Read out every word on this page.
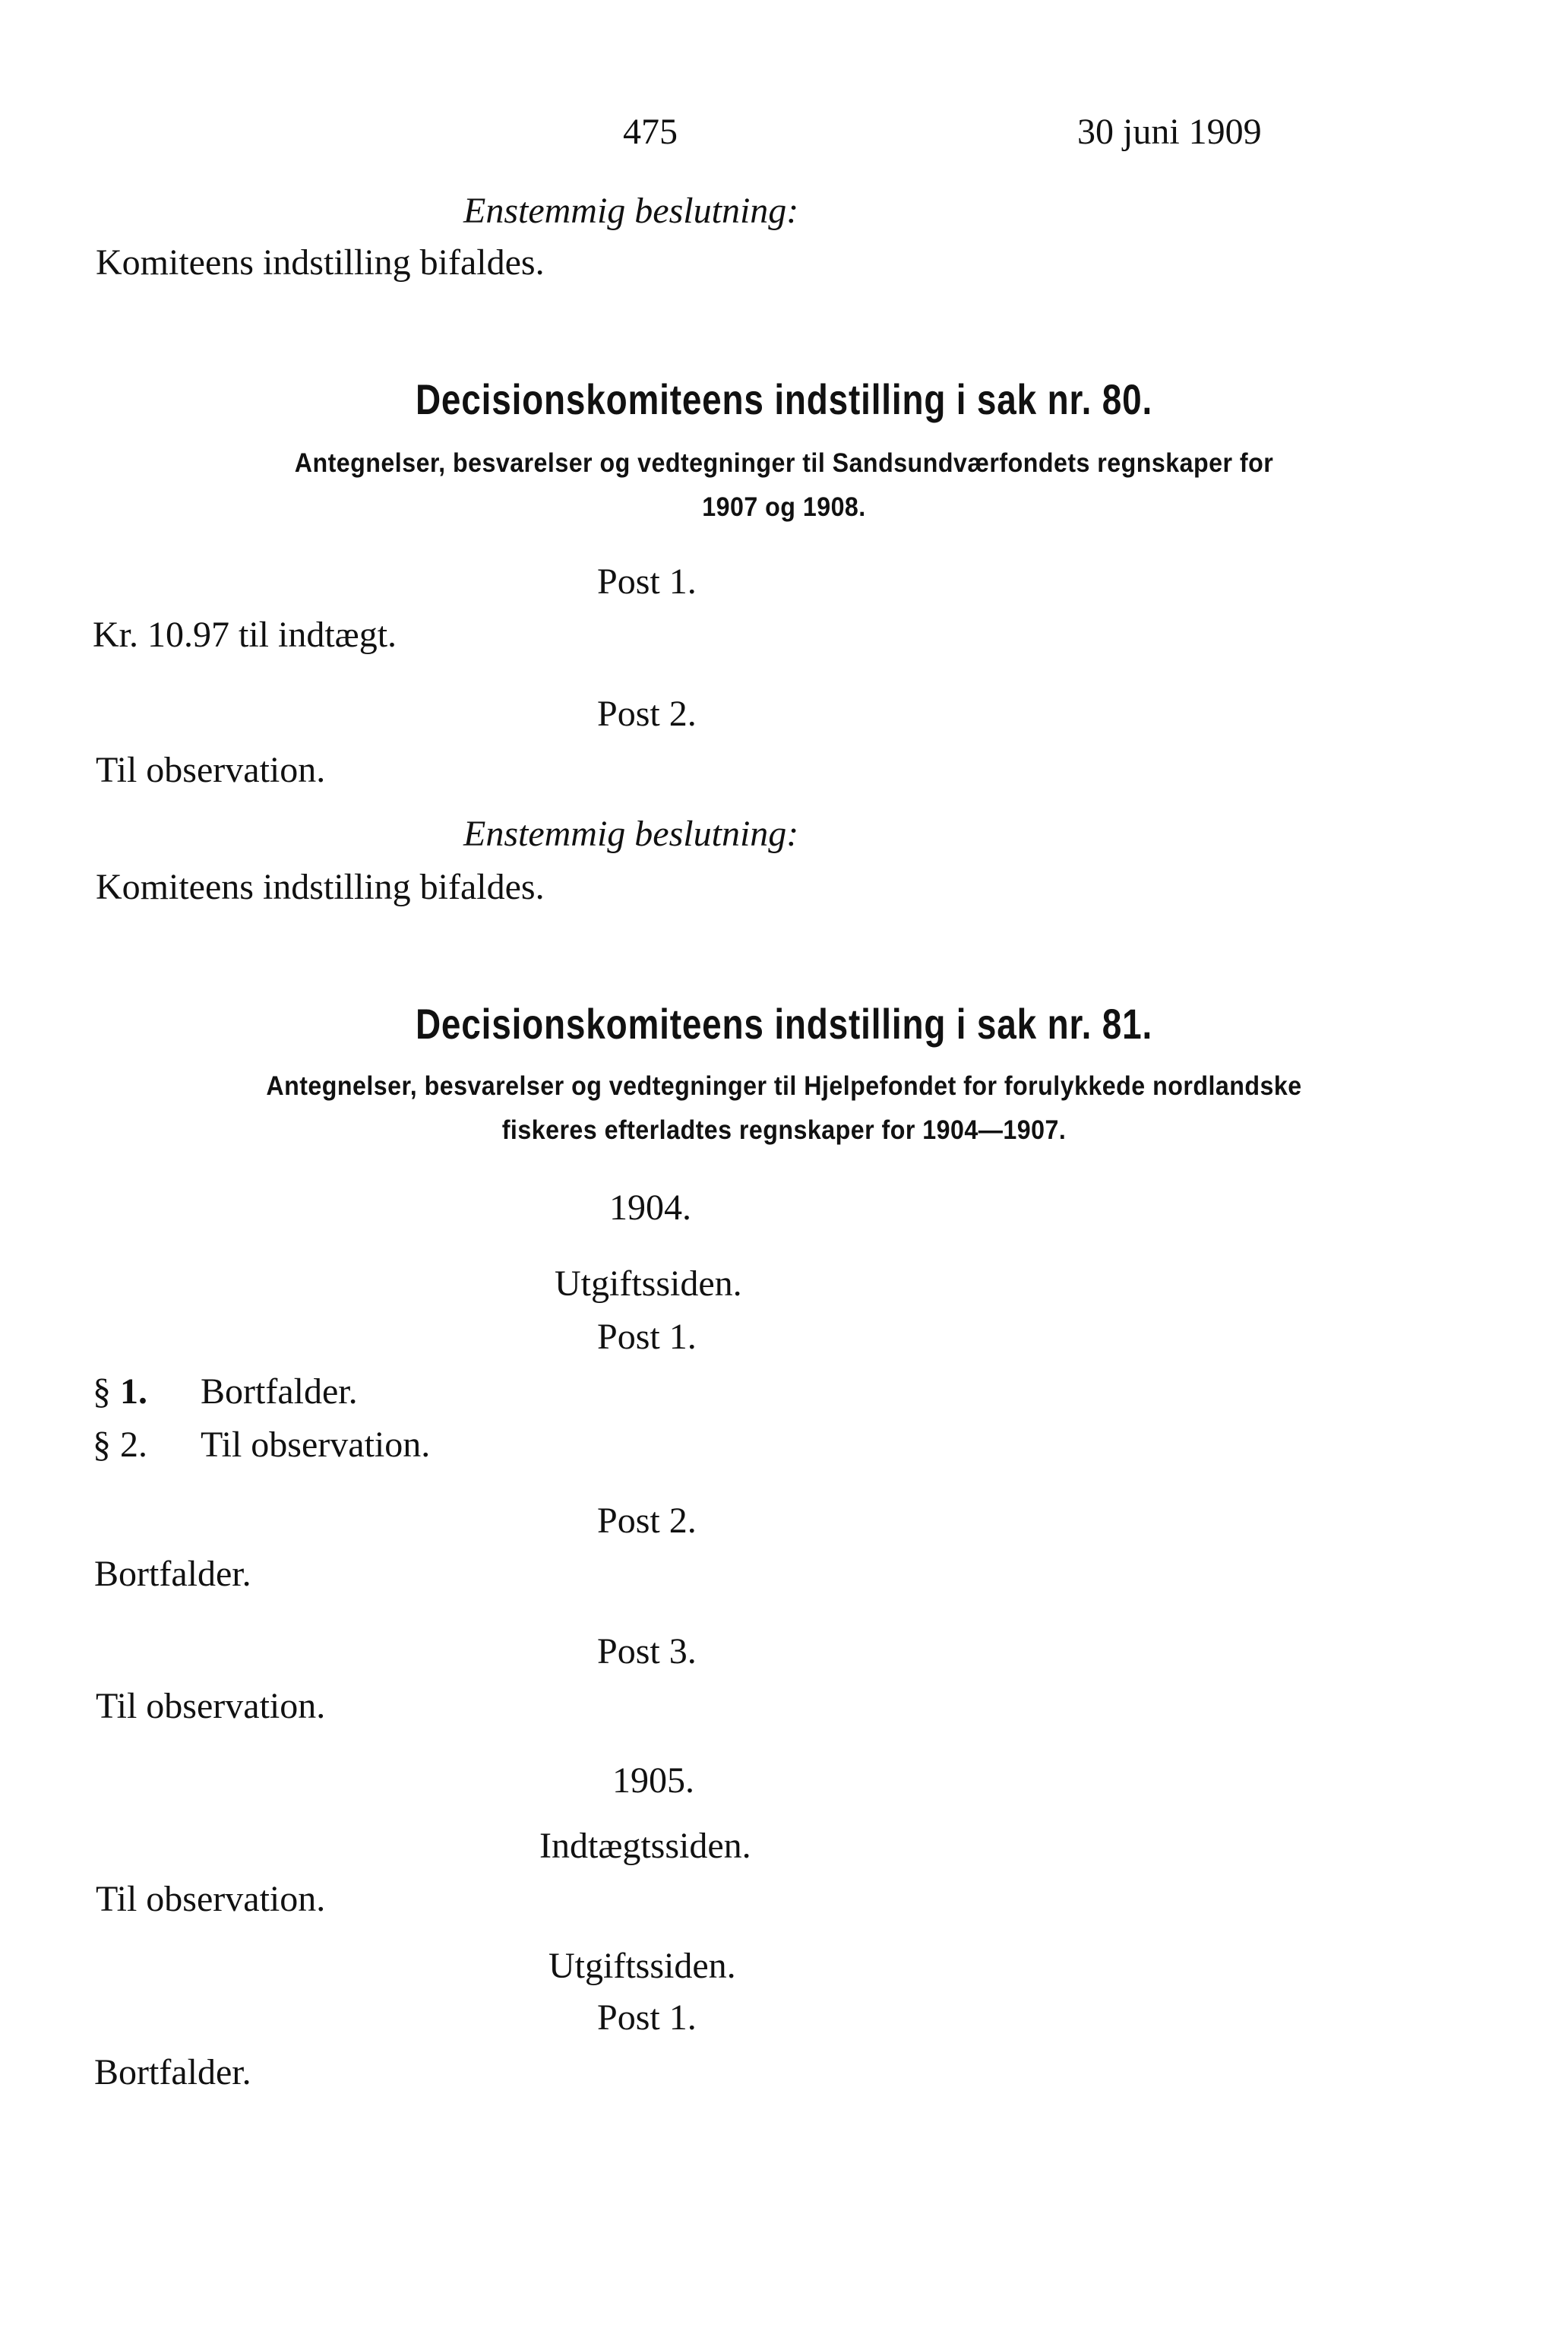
475	30 juni 1909
Enstemmig beslutning:
Komiteens indstilling bifaldes.
Decisionskomiteens indstilling i sak nr. 80.
Antegnelser, besvarelser og vedtegninger til Sandsundværfondets regnskaper for
1907 og 1908.
Post 1.
Kr. 10.97 til indtægt.
Post 2.
Til observation.
Enstemmig beslutning:
Komiteens indstilling bifaldes.
Decisionskomiteens indstilling i sak nr. 81.
Antegnelser, besvarelser og vedtegninger til Hjelpefondet for forulykkede nordlandske
fiskeres efterladtes regnskaper for 1904—1907.
1904.
Utgiftssiden.
Post 1.
§ 1. Bortfalder.
§ 2. Til observation.
Post 2.
Bortfalder.
Post 3.
Til observation.
1905.
Indtægtssiden.
Til observation.
Utgiftssiden.
Post 1.
Bortfalder.
